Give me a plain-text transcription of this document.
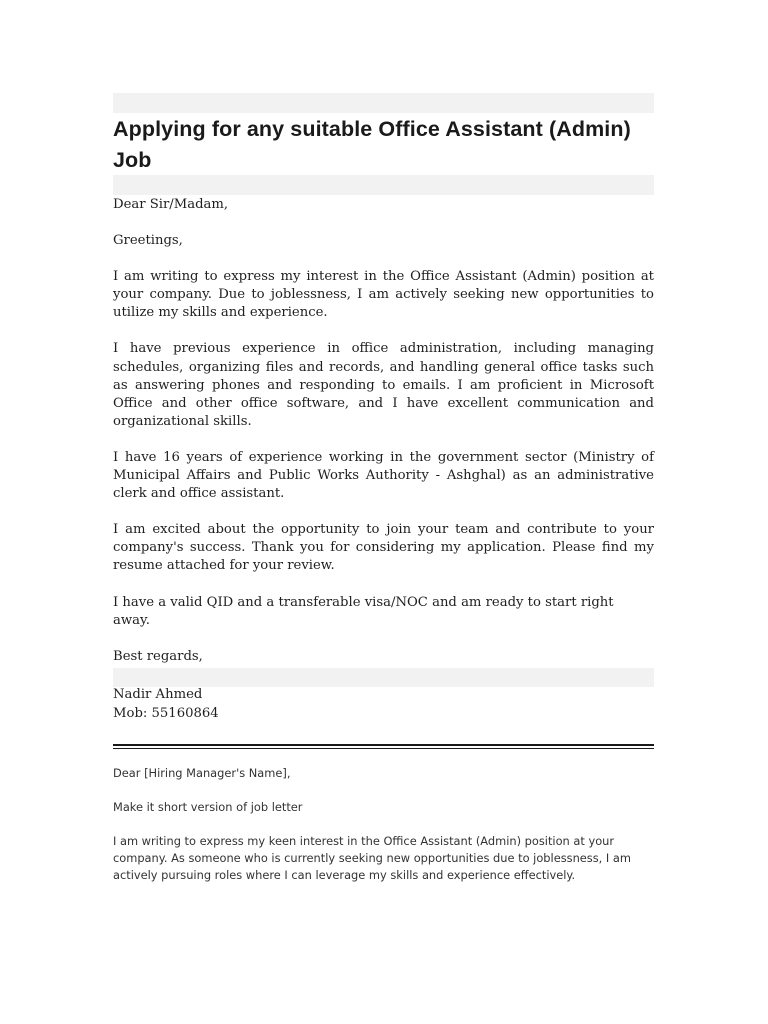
Applying for any suitable Office Assistant (Admin) Job

Dear Sir/Madam,

Greetings,

I am writing to express my interest in the Office Assistant (Admin) position at your company. Due to joblessness, I am actively seeking new opportunities to utilize my skills and experience.

I have previous experience in office administration, including managing schedules, organizing files and records, and handling general office tasks such as answering phones and responding to emails. I am proficient in Microsoft Office and other office software, and I have excellent communication and organizational skills.

I have 16 years of experience working in the government sector (Ministry of Municipal Affairs and Public Works Authority - Ashghal) as an administrative clerk and office assistant.

I am excited about the opportunity to join your team and contribute to your company's success. Thank you for considering my application. Please find my resume attached for your review.

I have a valid QID and a transferable visa/NOC and am ready to start right away.

Best regards,

Nadir Ahmed
Mob: 55160864

Dear [Hiring Manager's Name],

Make it short version of job letter

I am writing to express my keen interest in the Office Assistant (Admin) position at your company. As someone who is currently seeking new opportunities due to joblessness, I am actively pursuing roles where I can leverage my skills and experience effectively.
